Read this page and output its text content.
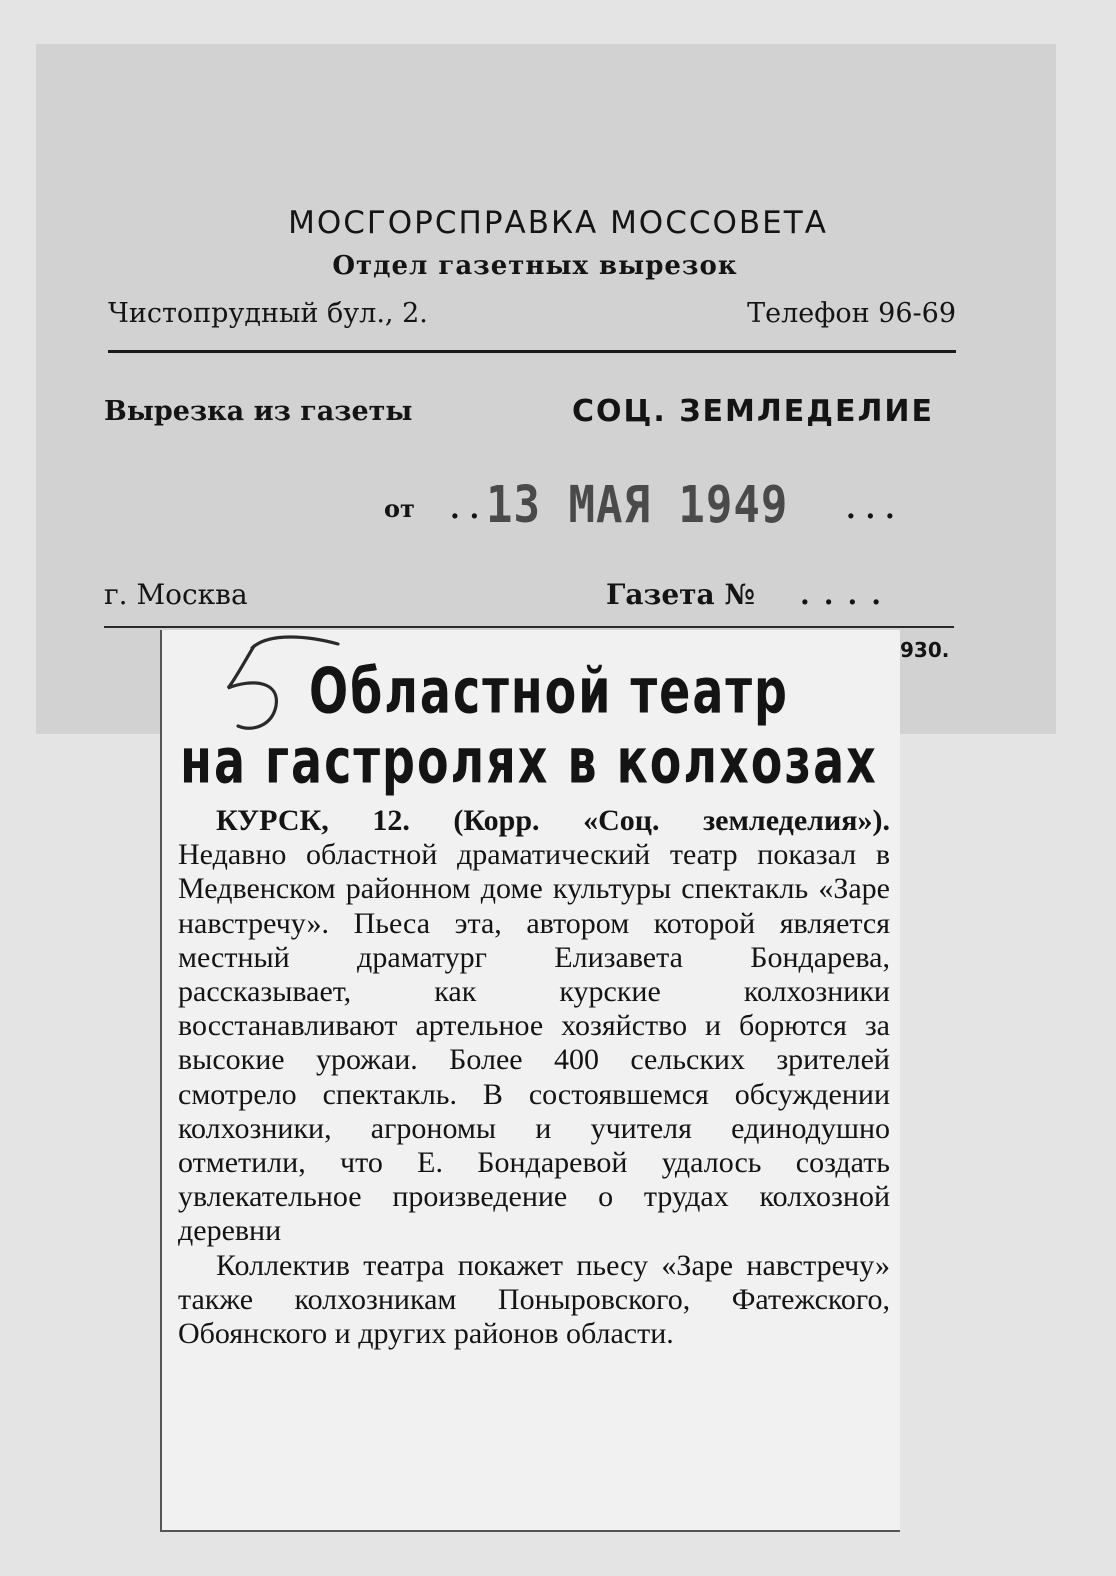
МОСГОРСПРАВКА МОССОВЕТА
Отдел газетных вырезок
Чистопрудный бул., 2.	Телефон 96-69
Вырезка из газеты	СОЦ. ЗЕМЛЕДЕЛИЕ
от . . 13 МАЯ 1949 . . .
г. Москва	Газета № ....
930.
Областной театр
на гастролях в колхозах

КУРСК, 12. (Корр. «Соц. земледелия»).

Недавно областной драматический театр показал в Медвенском районном доме культуры спектакль «Заре навстречу». Пьеса эта, автором которой является местный драматург Елизавета Бондарева, рассказывает, как курские колхозники восстанавливают артельное хозяйство и борются за высокие урожаи. Более 400 сельских зрителей смотрело спектакль. В состоявшемся обсуждении колхозники, агрономы и учителя единодушно отметили, что Е. Бондаревой удалось создать увлекательное произведение о трудах колхозной деревни

Коллектив театра покажет пьесу «Заре навстречу» также колхозникам Поныровского, Фатежского, Обоянского и других районов области.
